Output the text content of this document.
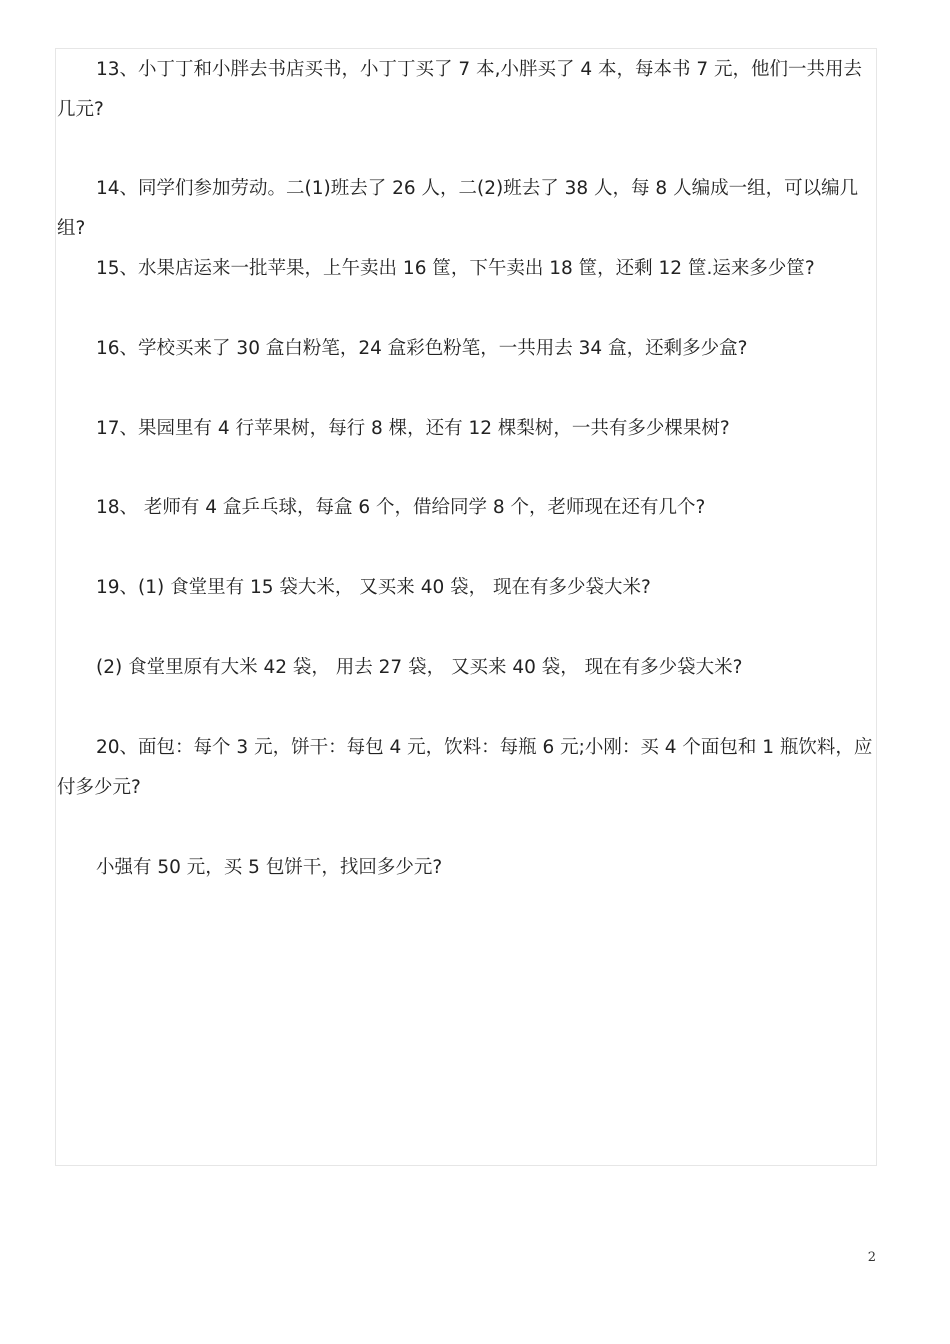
13、小丁丁和小胖去书店买书，小丁丁买了 7 本,小胖买了 4 本，每本书 7 元，他们一共用去几元?

14、同学们参加劳动。二(1)班去了 26 人，二(2)班去了 38 人，每 8 人编成一组，可以编几组?

15、水果店运来一批苹果，上午卖出 16 筐，下午卖出 18 筐，还剩 12 筐.运来多少筐?

16、学校买来了 30 盒白粉笔，24 盒彩色粉笔，一共用去 34 盒，还剩多少盒?

17、果园里有 4 行苹果树，每行 8 棵，还有 12 棵梨树，一共有多少棵果树?

18、 老师有 4 盒乒乓球，每盒 6 个，借给同学 8 个，老师现在还有几个?

19、(1) 食堂里有 15 袋大米， 又买来 40 袋， 现在有多少袋大米?

(2) 食堂里原有大米 42 袋， 用去 27 袋， 又买来 40 袋， 现在有多少袋大米?

20、面包：每个 3 元，饼干：每包 4 元，饮料：每瓶 6 元;小刚：买 4 个面包和 1 瓶饮料，应付多少元?

小强有 50 元，买 5 包饼干，找回多少元?

2
